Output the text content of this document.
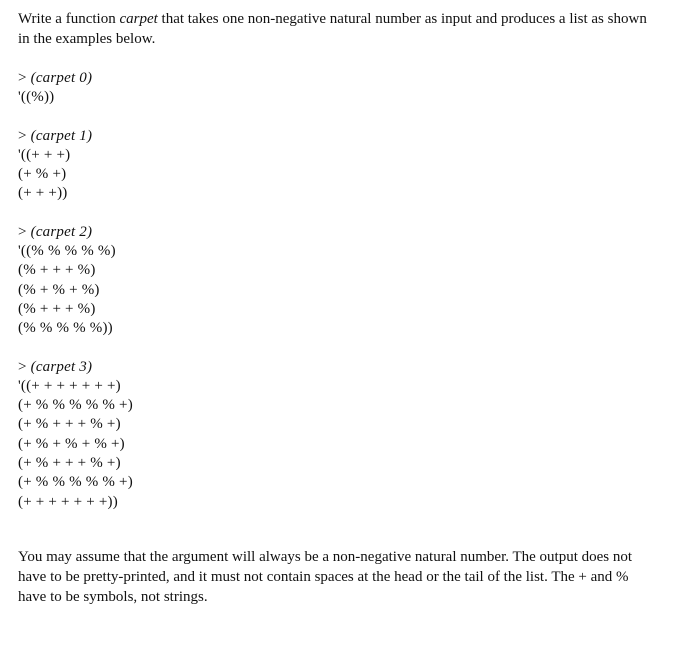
Write a function carpet that takes one non-negative natural number as input and produces a list as shown in the examples below.

> (carpet 0)
'((%))
> (carpet 1)
'((+ + +)
(+ % +)
(+ + +))
> (carpet 2)
'((% % % % %)
(% + + + %)
(% + % + %)
(% + + + %)
(% % % % %))
> (carpet 3)
'((+ + + + + + +)
(+ % % % % % +)
(+ % + + + % +)
(+ % + % + % +)
(+ % + + + % +)
(+ % % % % % +)
(+ + + + + + +))

You may assume that the argument will always be a non-negative natural number. The output does not have to be pretty-printed, and it must not contain spaces at the head or the tail of the list. The + and % have to be symbols, not strings.
